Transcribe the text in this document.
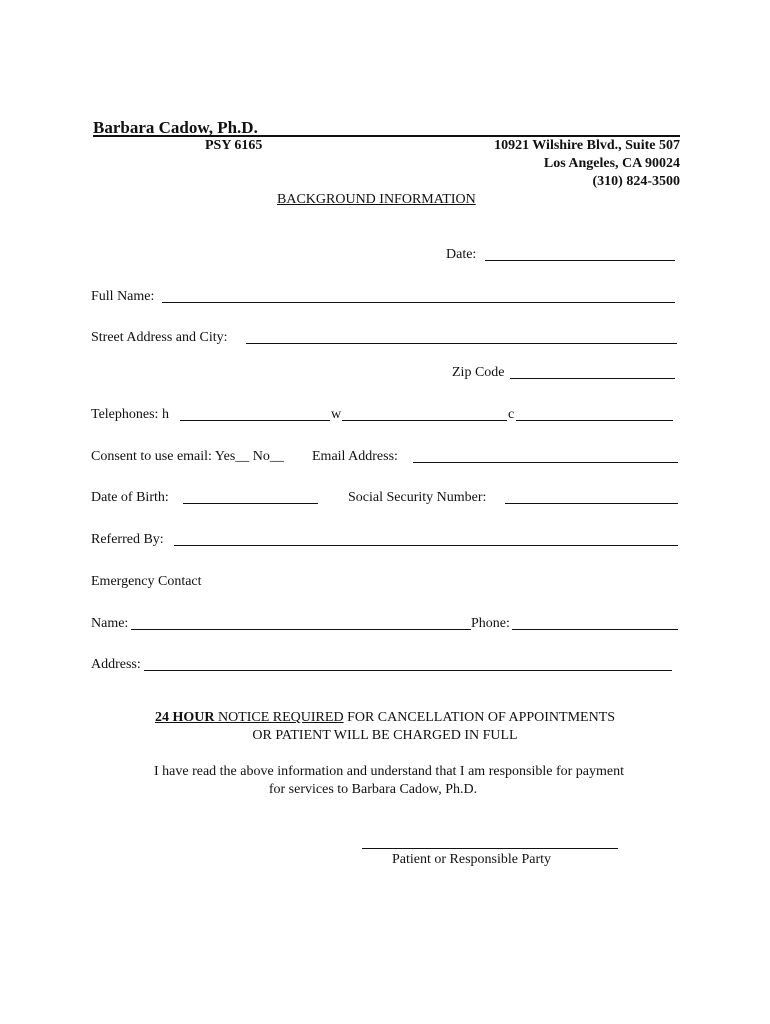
Barbara Cadow, Ph.D.
PSY 6165	10921 Wilshire Blvd., Suite 507
Los Angeles, CA 90024
(310) 824-3500
BACKGROUND INFORMATION
Date:
Full Name:
Street Address and City:
Zip Code
Telephones: h	w	c
Consent to use email: Yes__ No__ Email Address:
Date of Birth:	Social Security Number:
Referred By:
Emergency Contact
Name:	Phone:
Address:
24 HOUR NOTICE REQUIRED FOR CANCELLATION OF APPOINTMENTS
OR PATIENT WILL BE CHARGED IN FULL
I have read the above information and understand that I am responsible for payment
for services to Barbara Cadow, Ph.D.
Patient or Responsible Party
